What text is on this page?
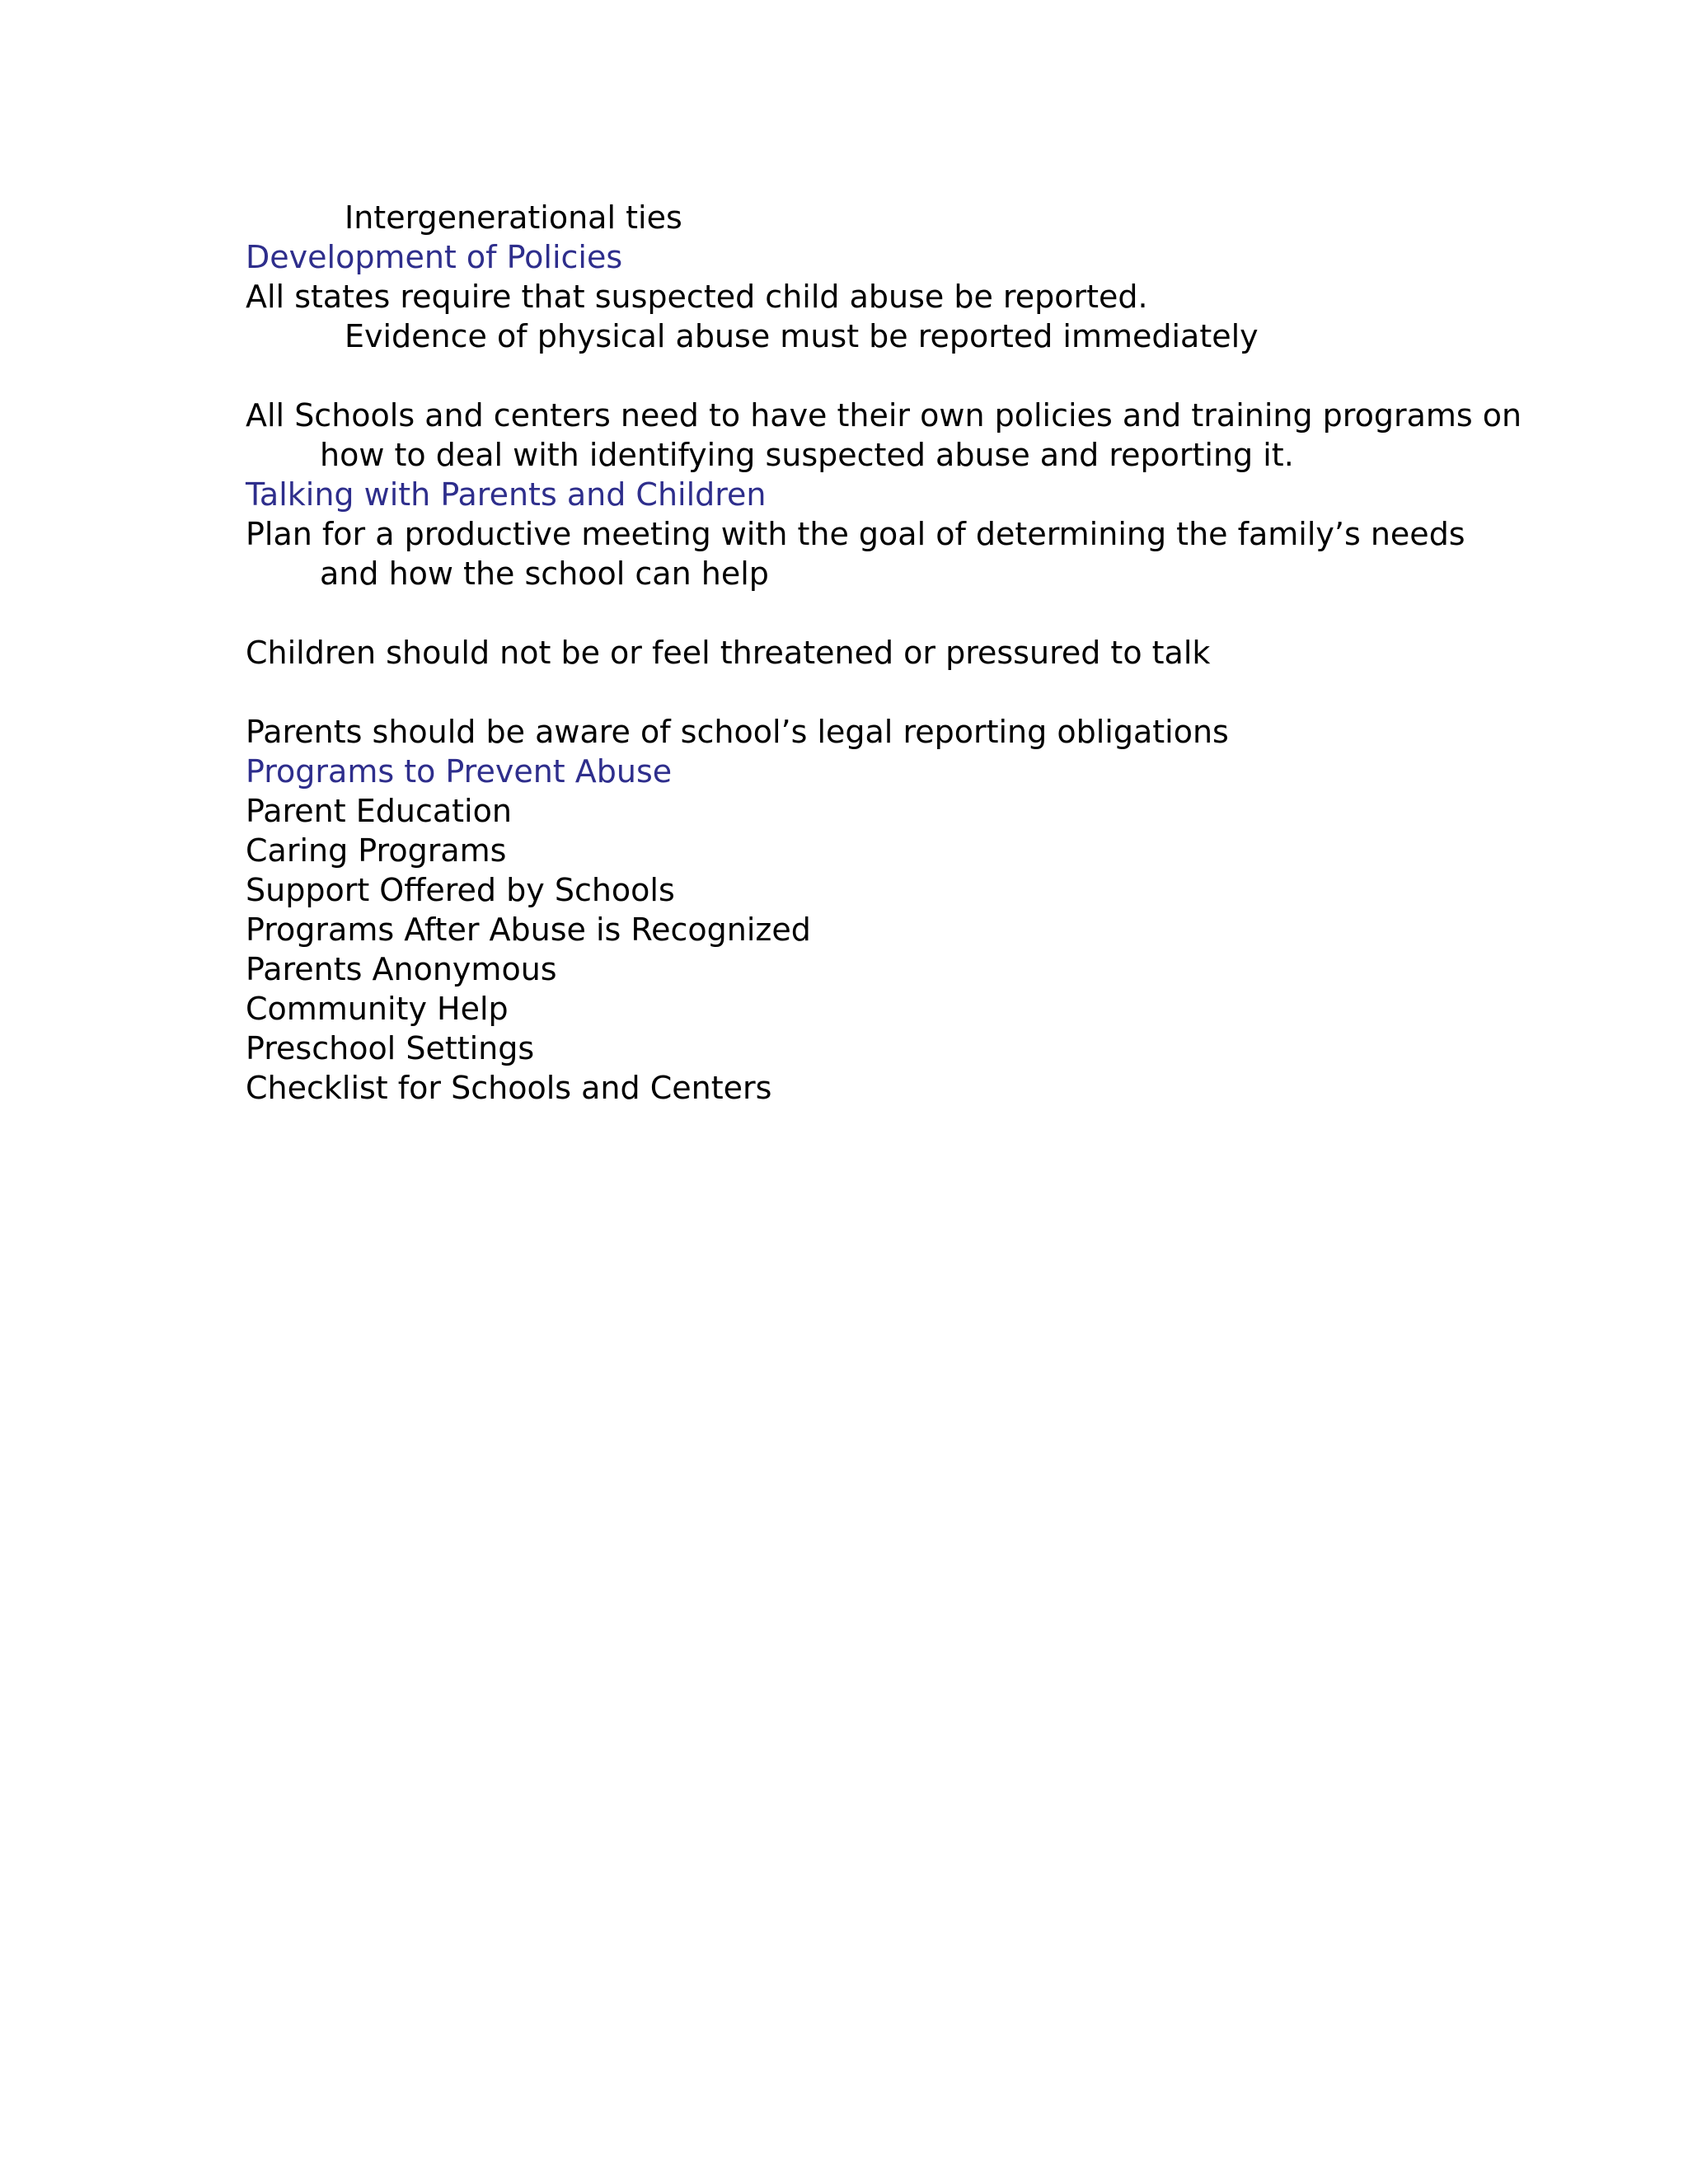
Intergenerational ties
Development of Policies
All states require that suspected child abuse be reported.
Evidence of physical abuse must be reported immediately
All Schools and centers need to have their own policies and training programs on
how to deal with identifying suspected abuse and reporting it.
Talking with Parents and Children
Plan for a productive meeting with the goal of determining the family’s needs
and how the school can help
Children should not be or feel threatened or pressured to talk
Parents should be aware of school’s legal reporting obligations
Programs to Prevent Abuse
Parent Education
Caring Programs
Support Offered by Schools
Programs After Abuse is Recognized
Parents Anonymous
Community Help
Preschool Settings
Checklist for Schools and Centers
